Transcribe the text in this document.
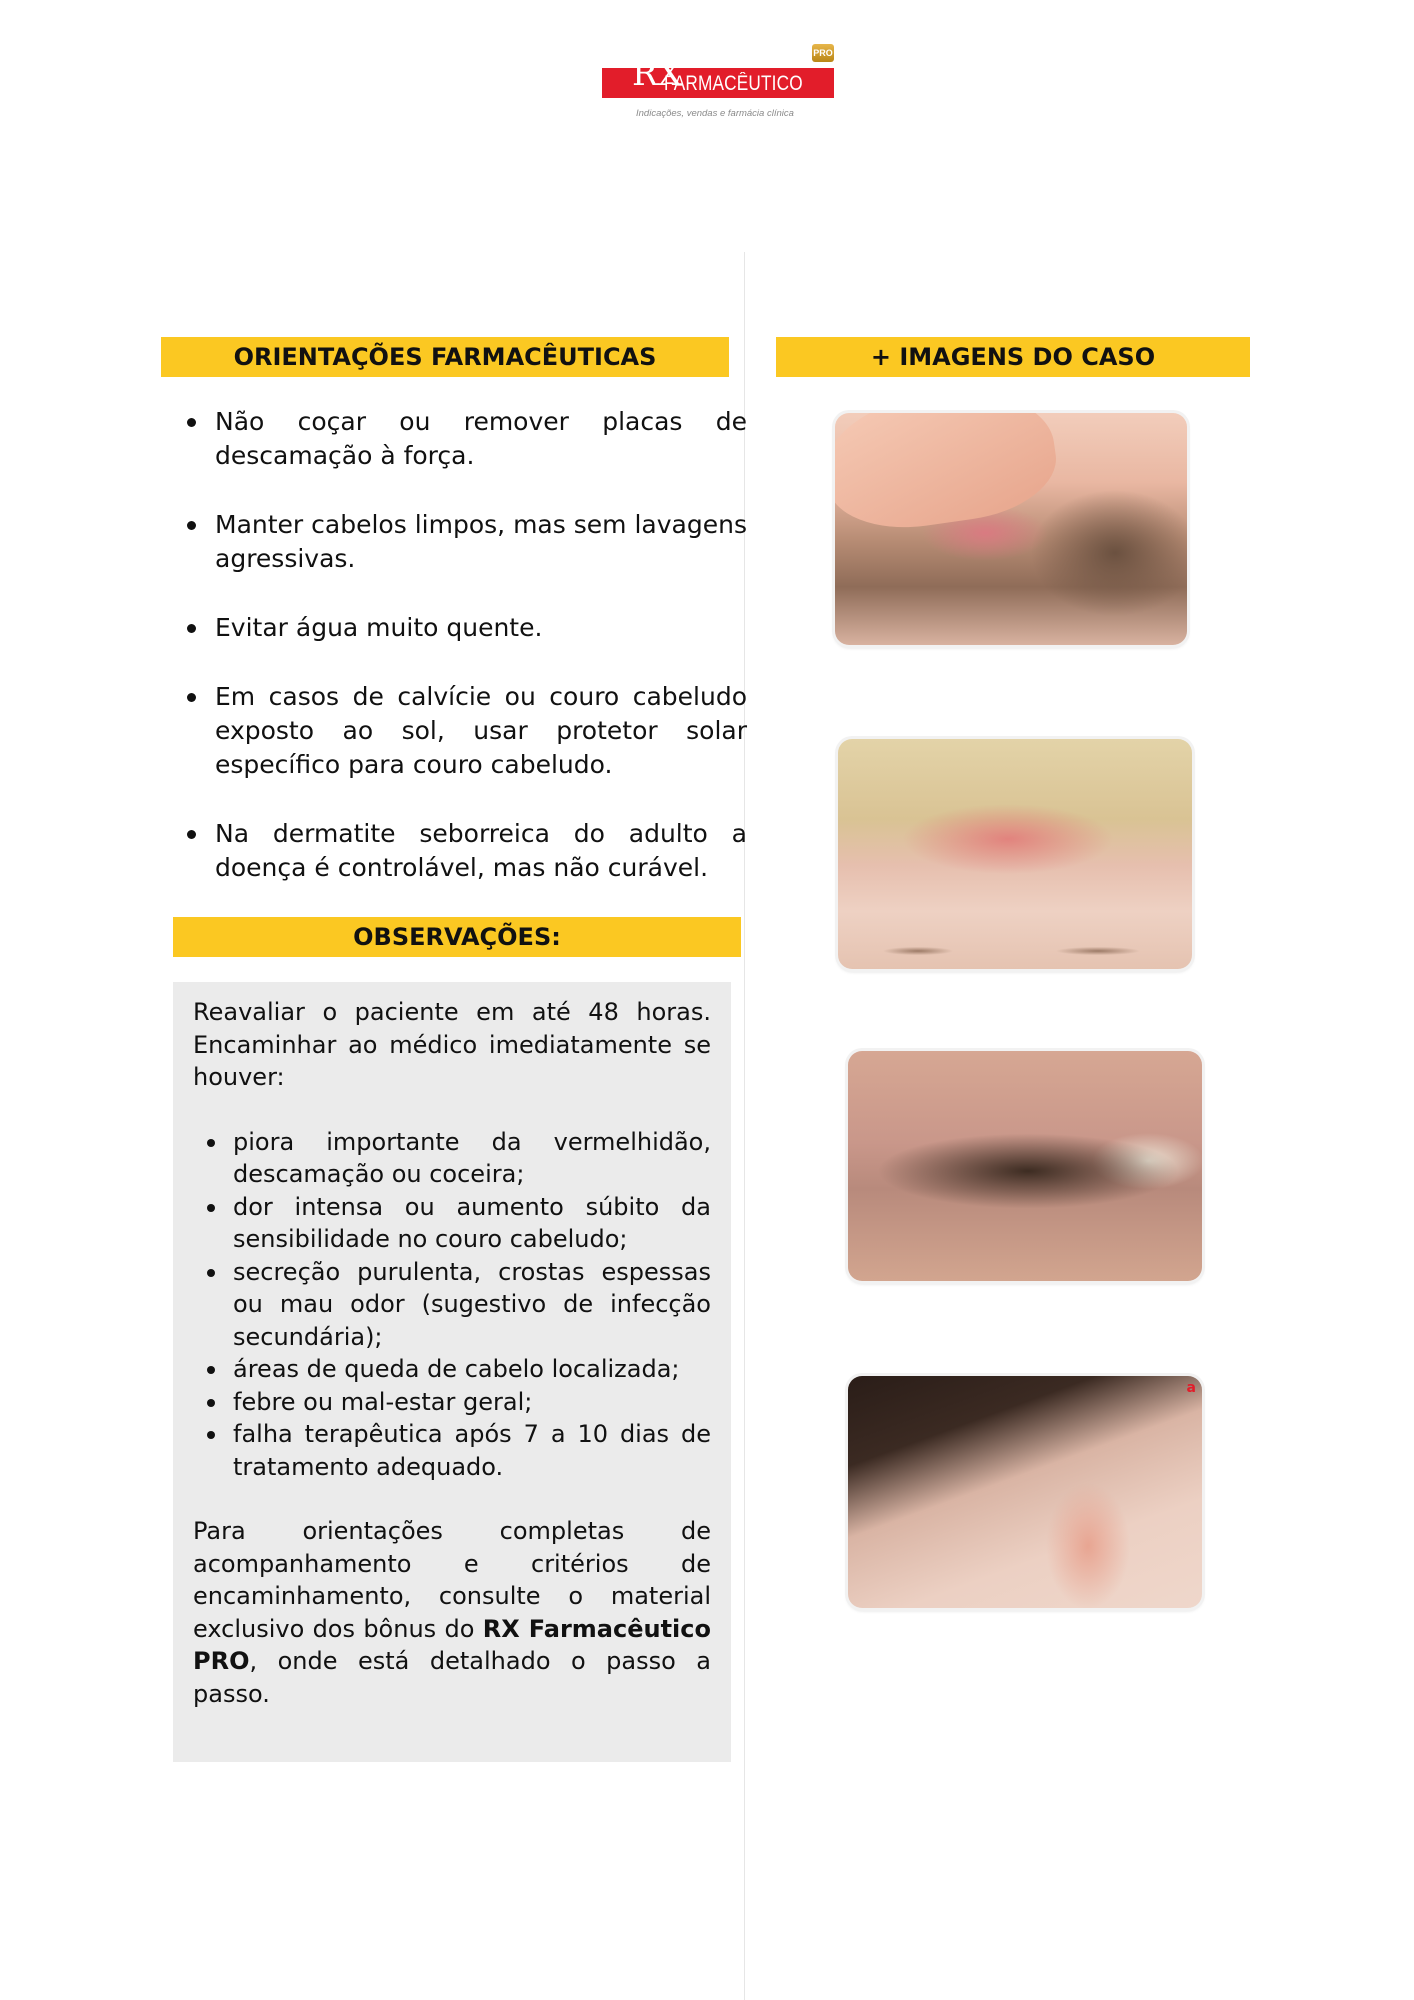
RX
FARMACÊUTICO
PRO
Indicações, vendas e farmácia clínica
ORIENTAÇÕES FARMACÊUTICAS
Não coçar ou remover placas de descamação à força.
Manter cabelos limpos, mas sem lavagens agressivas.
Evitar água muito quente.
Em casos de calvície ou couro cabeludo exposto ao sol, usar protetor solar específico para couro cabeludo.
Na dermatite seborreica do adulto a doença é controlável, mas não curável.
OBSERVAÇÕES:

Reavaliar o paciente em até 48 horas. Encaminhar ao médico imediatamente se houver:

piora importante da vermelhidão, descamação ou coceira;
dor intensa ou aumento súbito da sensibilidade no couro cabeludo;
secreção purulenta, crostas espessas ou mau odor (sugestivo de infecção secundária);
áreas de queda de cabelo localizada;
febre ou mal-estar geral;
falha terapêutica após 7 a 10 dias de tratamento adequado.

Para orientações completas de acompanhamento e critérios de encaminhamento, consulte o material exclusivo dos bônus do RX Farmacêutico PRO, onde está detalhado o passo a passo.

+ IMAGENS DO CASO
a
